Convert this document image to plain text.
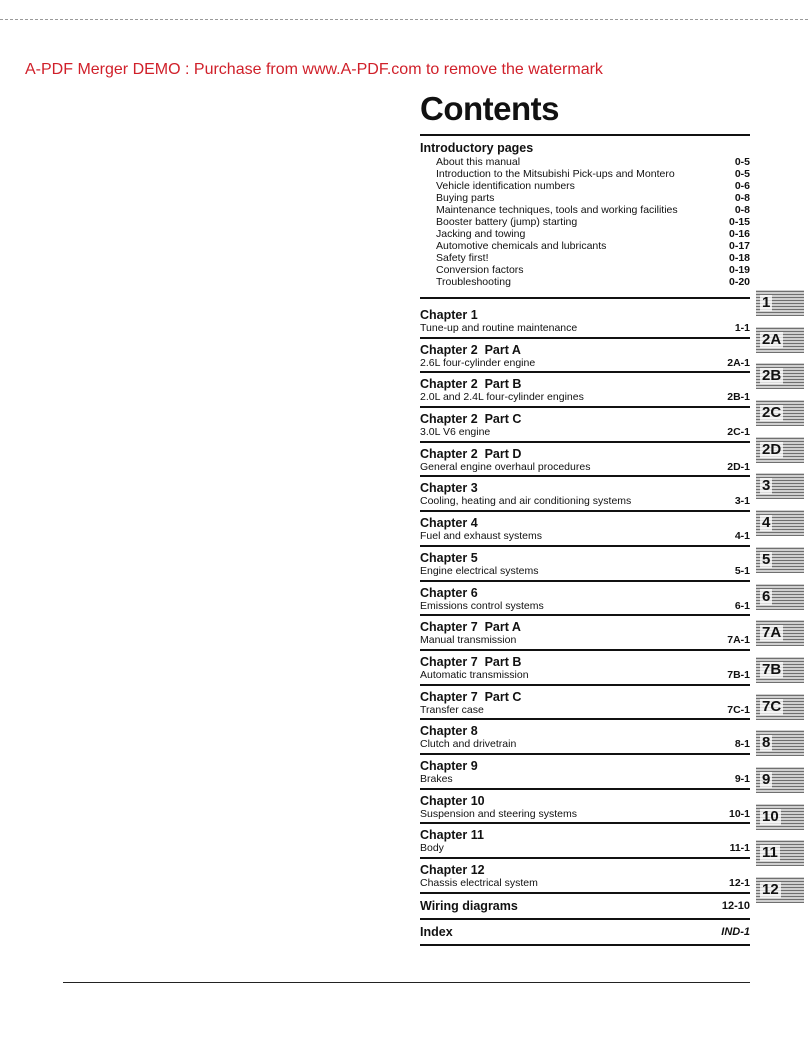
A-PDF Merger DEMO : Purchase from www.A-PDF.com to remove the watermark
Contents
Introductory pages
About this manual	0-5
Introduction to the Mitsubishi Pick-ups and Montero	0-5
Vehicle identification numbers	0-6
Buying parts	0-8
Maintenance techniques, tools and working facilities	0-8
Booster battery (jump) starting	0-15
Jacking and towing	0-16
Automotive chemicals and lubricants	0-17
Safety first!	0-18
Conversion factors	0-19
Troubleshooting	0-20
Chapter 1
Tune-up and routine maintenance	1-1
Chapter 2  Part A
2.6L four-cylinder engine	2A-1
Chapter 2  Part B
2.0L and 2.4L four-cylinder engines	2B-1
Chapter 2  Part C
3.0L V6 engine	2C-1
Chapter 2  Part D
General engine overhaul procedures	2D-1
Chapter 3
Cooling, heating and air conditioning systems	3-1
Chapter 4
Fuel and exhaust systems	4-1
Chapter 5
Engine electrical systems	5-1
Chapter 6
Emissions control systems	6-1
Chapter 7  Part A
Manual transmission	7A-1
Chapter 7  Part B
Automatic transmission	7B-1
Chapter 7  Part C
Transfer case	7C-1
Chapter 8
Clutch and drivetrain	8-1
Chapter 9
Brakes	9-1
Chapter 10
Suspension and steering systems	10-1
Chapter 11
Body	11-1
Chapter 12
Chassis electrical system	12-1
Wiring diagrams	12-10
Index	IND-1
1
2A
2B
2C
2D
3
4
5
6
7A
7B
7C
8
9
10
11
12
